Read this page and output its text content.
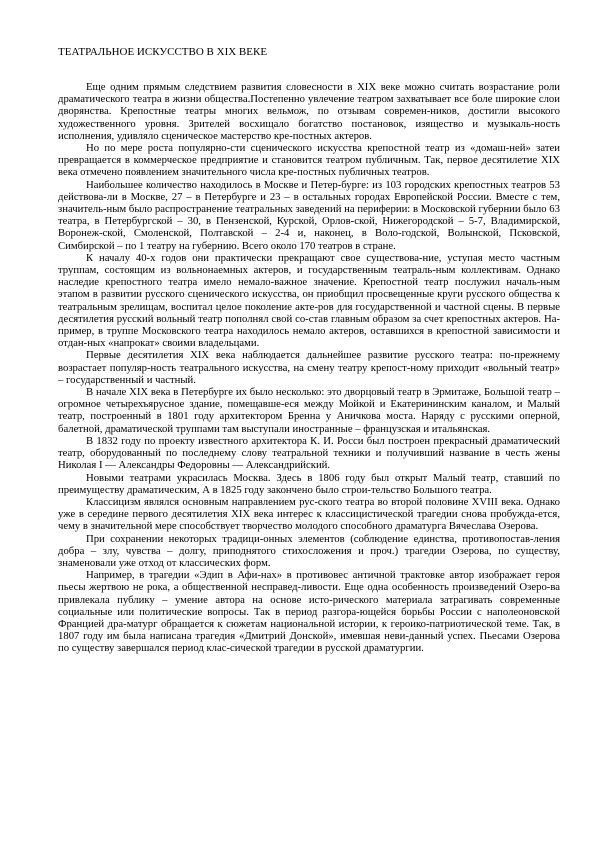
ТЕАТРАЛЬНОЕ ИСКУССТВО В XIX ВЕКЕ

Еще одним прямым следствием развития словесности в XIX веке можно считать возрастание роли драматического театра в жизни общества.Постепенно увлечение театром захватывает все боле широкие слои дворянства. Крепостные театры многих вельмож, по отзывам современ-ников, достигли высокого художественного уровня. Зрителей восхищало богатство постановок, изящество и музыкаль-ность исполнения, удивляло сценическое мастерство кре-постных актеров.

Но по мере роста популярно-сти сценического искусства крепостной театр из «домаш-ней» затеи превращается в коммерческое предприятие и становится театром публичным. Так, первое десятилетие XIX века отмечено появлением значительного числа кре-постных публичных театров.

Наибольшее количество находилось в Москве и Петер-бурге: из 103 городских крепостных театров 53 действова-ли в Москве, 27 – в Петербурге и 23 – в остальных городах Европейской России. Вместе с тем, значитель-ным было распространение театральных заведений на периферии: в Московской губернии было 63 театра, в Петербургской – 30, в Пензенской, Курской, Орлов-ской, Нижегородской – 5-7, Владимирской, Воронеж-ской, Смоленской, Полтавской – 2-4 и, наконец, в Воло-годской, Волынской, Псковской, Симбирской – по 1 театру на губернию. Всего около 170 театров в стране.

К началу 40-х годов они практически прекращают свое существова-ние, уступая место частным труппам, состоящим из вольнонаемных актеров, и государственным театраль-ным коллективам. Однако наследие крепостного театра имело немало-важное значение. Крепостной театр послужил началь-ным этапом в развитии русского сценического искусства, он приобщил просвещенные круги русского общества к театральным зрелищам, воспитал целое поколение акте-ров для государственной и частной сцены. В первые десятилетия русский вольный театр пополнял свой со-став главным образом за счет крепостных актеров. На-пример, в труппе Московского театра находилось немало актеров, оставшихся в крепостной зависимости и отдан-ных «напрокат» своими владельцами.

Первые десятилетия XIX века наблюдается дальнейшее развитие русского театра: по-прежнему возрастает популяр-ность театрального искусства, на смену театру крепост-ному приходит «вольный театр» – государственный и частный.

В начале XIX века в Петербурге их было несколько: это дворцовый театр в Эрмитаже, Большой театр – огромное четырехъярусное здание, помещавше-еся между Мойкой и Екатерининским каналом, и Малый театр, построенный в 1801 году архитектором Бренна у Аничкова моста. Наряду с русскими оперной, балетной, драматической труппами там выступали иностранные – французская и итальянская.

В 1832 году по проекту известного архитектора К. И. Росси был построен прекрасный драматический театр, оборудованный по последнему слову театральной техники и получивший название в честь жены Николая I — Александры Федоровны — Александрийский.

Новыми театрами украсилась Москва. Здесь в 1806 году был открыт Малый театр, ставший по преимуществу драматическим, А в 1825 году закончено было строи-тельство Большого театра.

Классицизм являлся основным направлением рус-ского театра во второй половине XVIII века. Однако уже в середине первого десятилетия XIX века интерес к классицистической трагедии снова пробужда-ется, чему в значительной мере способствует творчество молодого способного драматурга Вячеслава Озерова.

При сохранении некоторых традици-онных элементов (соблюдение единства, противопостав-ления добра – злу, чувства – долгу, приподнятого стихосложения и проч.) трагедии Озерова, по существу, знаменовали уже отход от классических форм.

Например, в трагедии «Эдип в Афи-нах» в противовес античной трактовке автор изображает героя пьесы жертвою не рока, а общественной несправед-ливости. Еще одна особенность произведений Озеро-ва привлекала публику – умение автора на основе исто-рического материала затрагивать современные социальные или политические вопросы. Так в период разгора-ющейся борьбы России с наполеоновской Францией дра-матург обращается к сюжетам национальной истории, к героико-патриотической теме. Так, в 1807 году им была написана трагедия «Дмитрий Донской», имевшая неви-данный успех. Пьесами Озерова по существу завершался период клас-сической трагедии в русской драматургии.
